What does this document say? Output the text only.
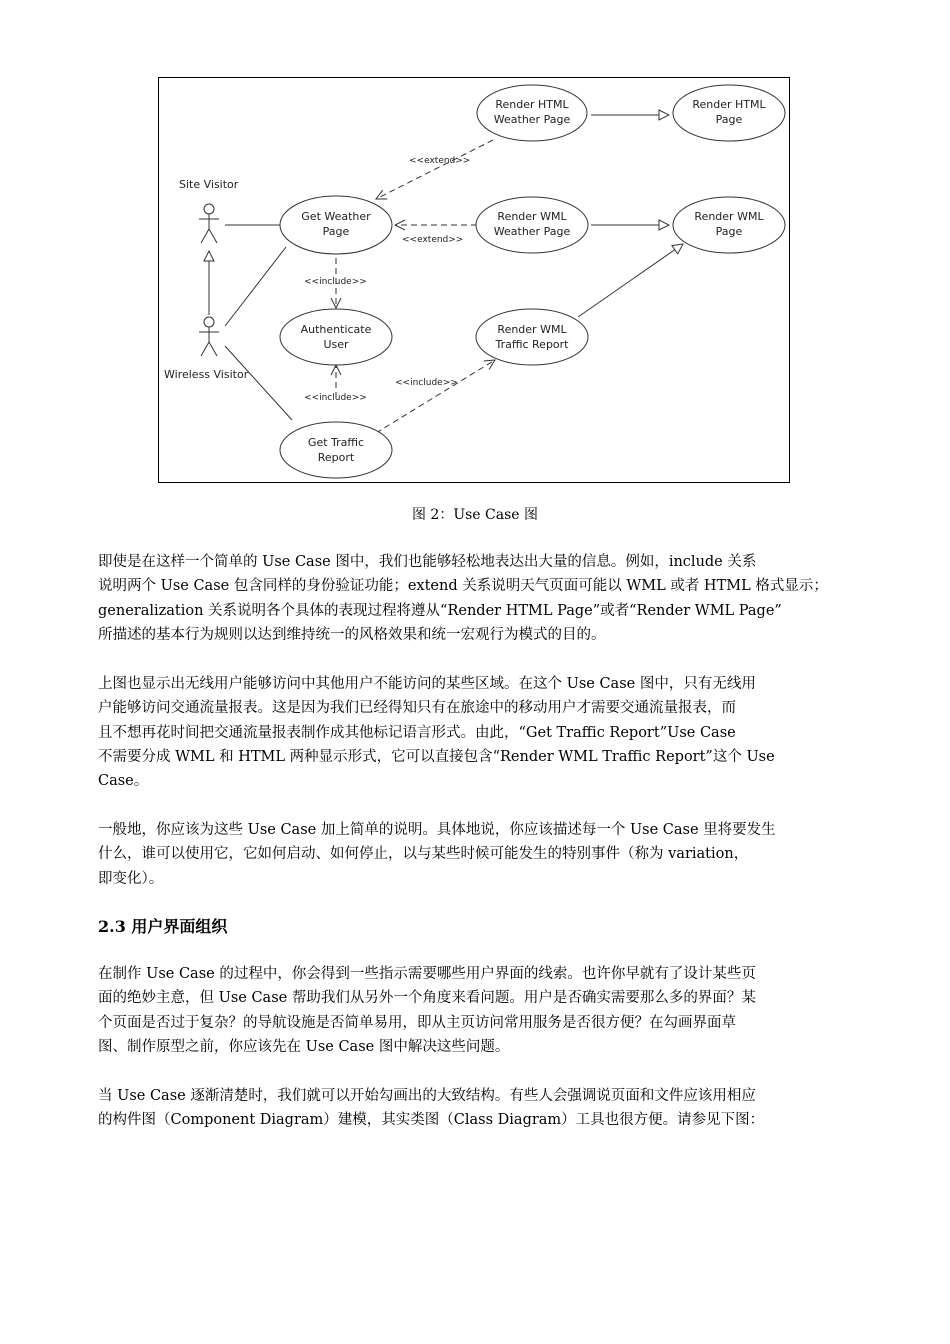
Site Visitor
Wireless Visitor
Render HTML
Weather Page
Render HTML
Page
Get Weather
Page
Render WML
Weather Page
Render WML
Page
Authenticate
User
Render WML
Traffic Report
Get Traffic
Report
<<extend>>
<<extend>>
<<include>>
<<include>>
<<include>>
图 2：Use Case 图

即使是在这样一个简单的 Use Case 图中，我们也能够轻松地表达出大量的信息。例如，include 关系
说明两个 Use Case 包含同样的身份验证功能；extend 关系说明天气页面可能以 WML 或者 HTML 格式显示；
generalization 关系说明各个具体的表现过程将遵从“Render HTML Page”或者“Render WML Page”
所描述的基本行为规则以达到维持统一的风格效果和统一宏观行为模式的目的。

上图也显示出无线用户能够访问中其他用户不能访问的某些区域。在这个 Use Case 图中，只有无线用
户能够访问交通流量报表。这是因为我们已经得知只有在旅途中的移动用户才需要交通流量报表，而
且不想再花时间把交通流量报表制作成其他标记语言形式。由此，“Get Traffic Report”Use Case
不需要分成 WML 和 HTML 两种显示形式，它可以直接包含“Render WML Traffic Report”这个 Use
Case。

一般地，你应该为这些 Use Case 加上简单的说明。具体地说，你应该描述每一个 Use Case 里将要发生
什么，谁可以使用它，它如何启动、如何停止，以与某些时候可能发生的特别事件（称为 variation，
即变化）。

2.3 用户界面组织

在制作 Use Case 的过程中，你会得到一些指示需要哪些用户界面的线索。也许你早就有了设计某些页
面的绝妙主意，但 Use Case 帮助我们从另外一个角度来看问题。用户是否确实需要那么多的界面？某
个页面是否过于复杂？的导航设施是否简单易用，即从主页访问常用服务是否很方便？在勾画界面草
图、制作原型之前，你应该先在 Use Case 图中解决这些问题。

当 Use Case 逐渐清楚时，我们就可以开始勾画出的大致结构。有些人会强调说页面和文件应该用相应
的构件图（Component Diagram）建模，其实类图（Class Diagram）工具也很方便。请参见下图：
